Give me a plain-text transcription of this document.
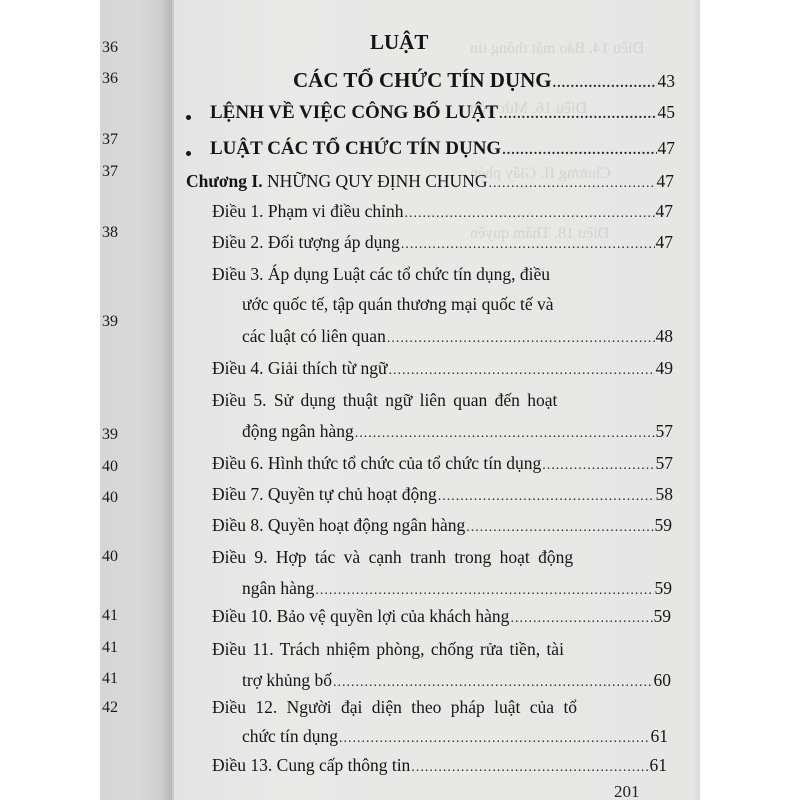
36
36
37
37
38
39
39
40
40
40
41
41
41
42
Điều 14. Bảo mật thông tin
Điều 16. Mức vốn
Chương II. Giấy phép
Điều 18. Thẩm quyền
LUẬT
CÁC TỔ CHỨC TÍN DỤNG .....	43
LỆNH VỀ VIỆC CÔNG BỐ LUẬT .....	45
LUẬT CÁC TỔ CHỨC TÍN DỤNG .....	47
Chương I. NHỮNG QUY ĐỊNH CHUNG .....	47
Điều 1. Phạm vi điều chỉnh .....	47
Điều 2. Đối tượng áp dụng .....	47
Điều 3. Áp dụng Luật các tổ chức tín dụng, điều
ước quốc tế, tập quán thương mại quốc tế và
các luật có liên quan .....	48
Điều 4. Giải thích từ ngữ .....	49
Điều 5. Sử dụng thuật ngữ liên quan đến hoạt
động ngân hàng .....	57
Điều 6. Hình thức tổ chức của tổ chức tín dụng .....	57
Điều 7. Quyền tự chủ hoạt động .....	58
Điều 8. Quyền hoạt động ngân hàng .....	59
Điều 9. Hợp tác và cạnh tranh trong hoạt động
ngân hàng .....	59
Điều 10. Bảo vệ quyền lợi của khách hàng .....	59
Điều 11. Trách nhiệm phòng, chống rửa tiền, tài
trợ khủng bố .....	60
Điều 12. Người đại diện theo pháp luật của tổ
chức tín dụng .....	61
Điều 13. Cung cấp thông tin .....	61
201
